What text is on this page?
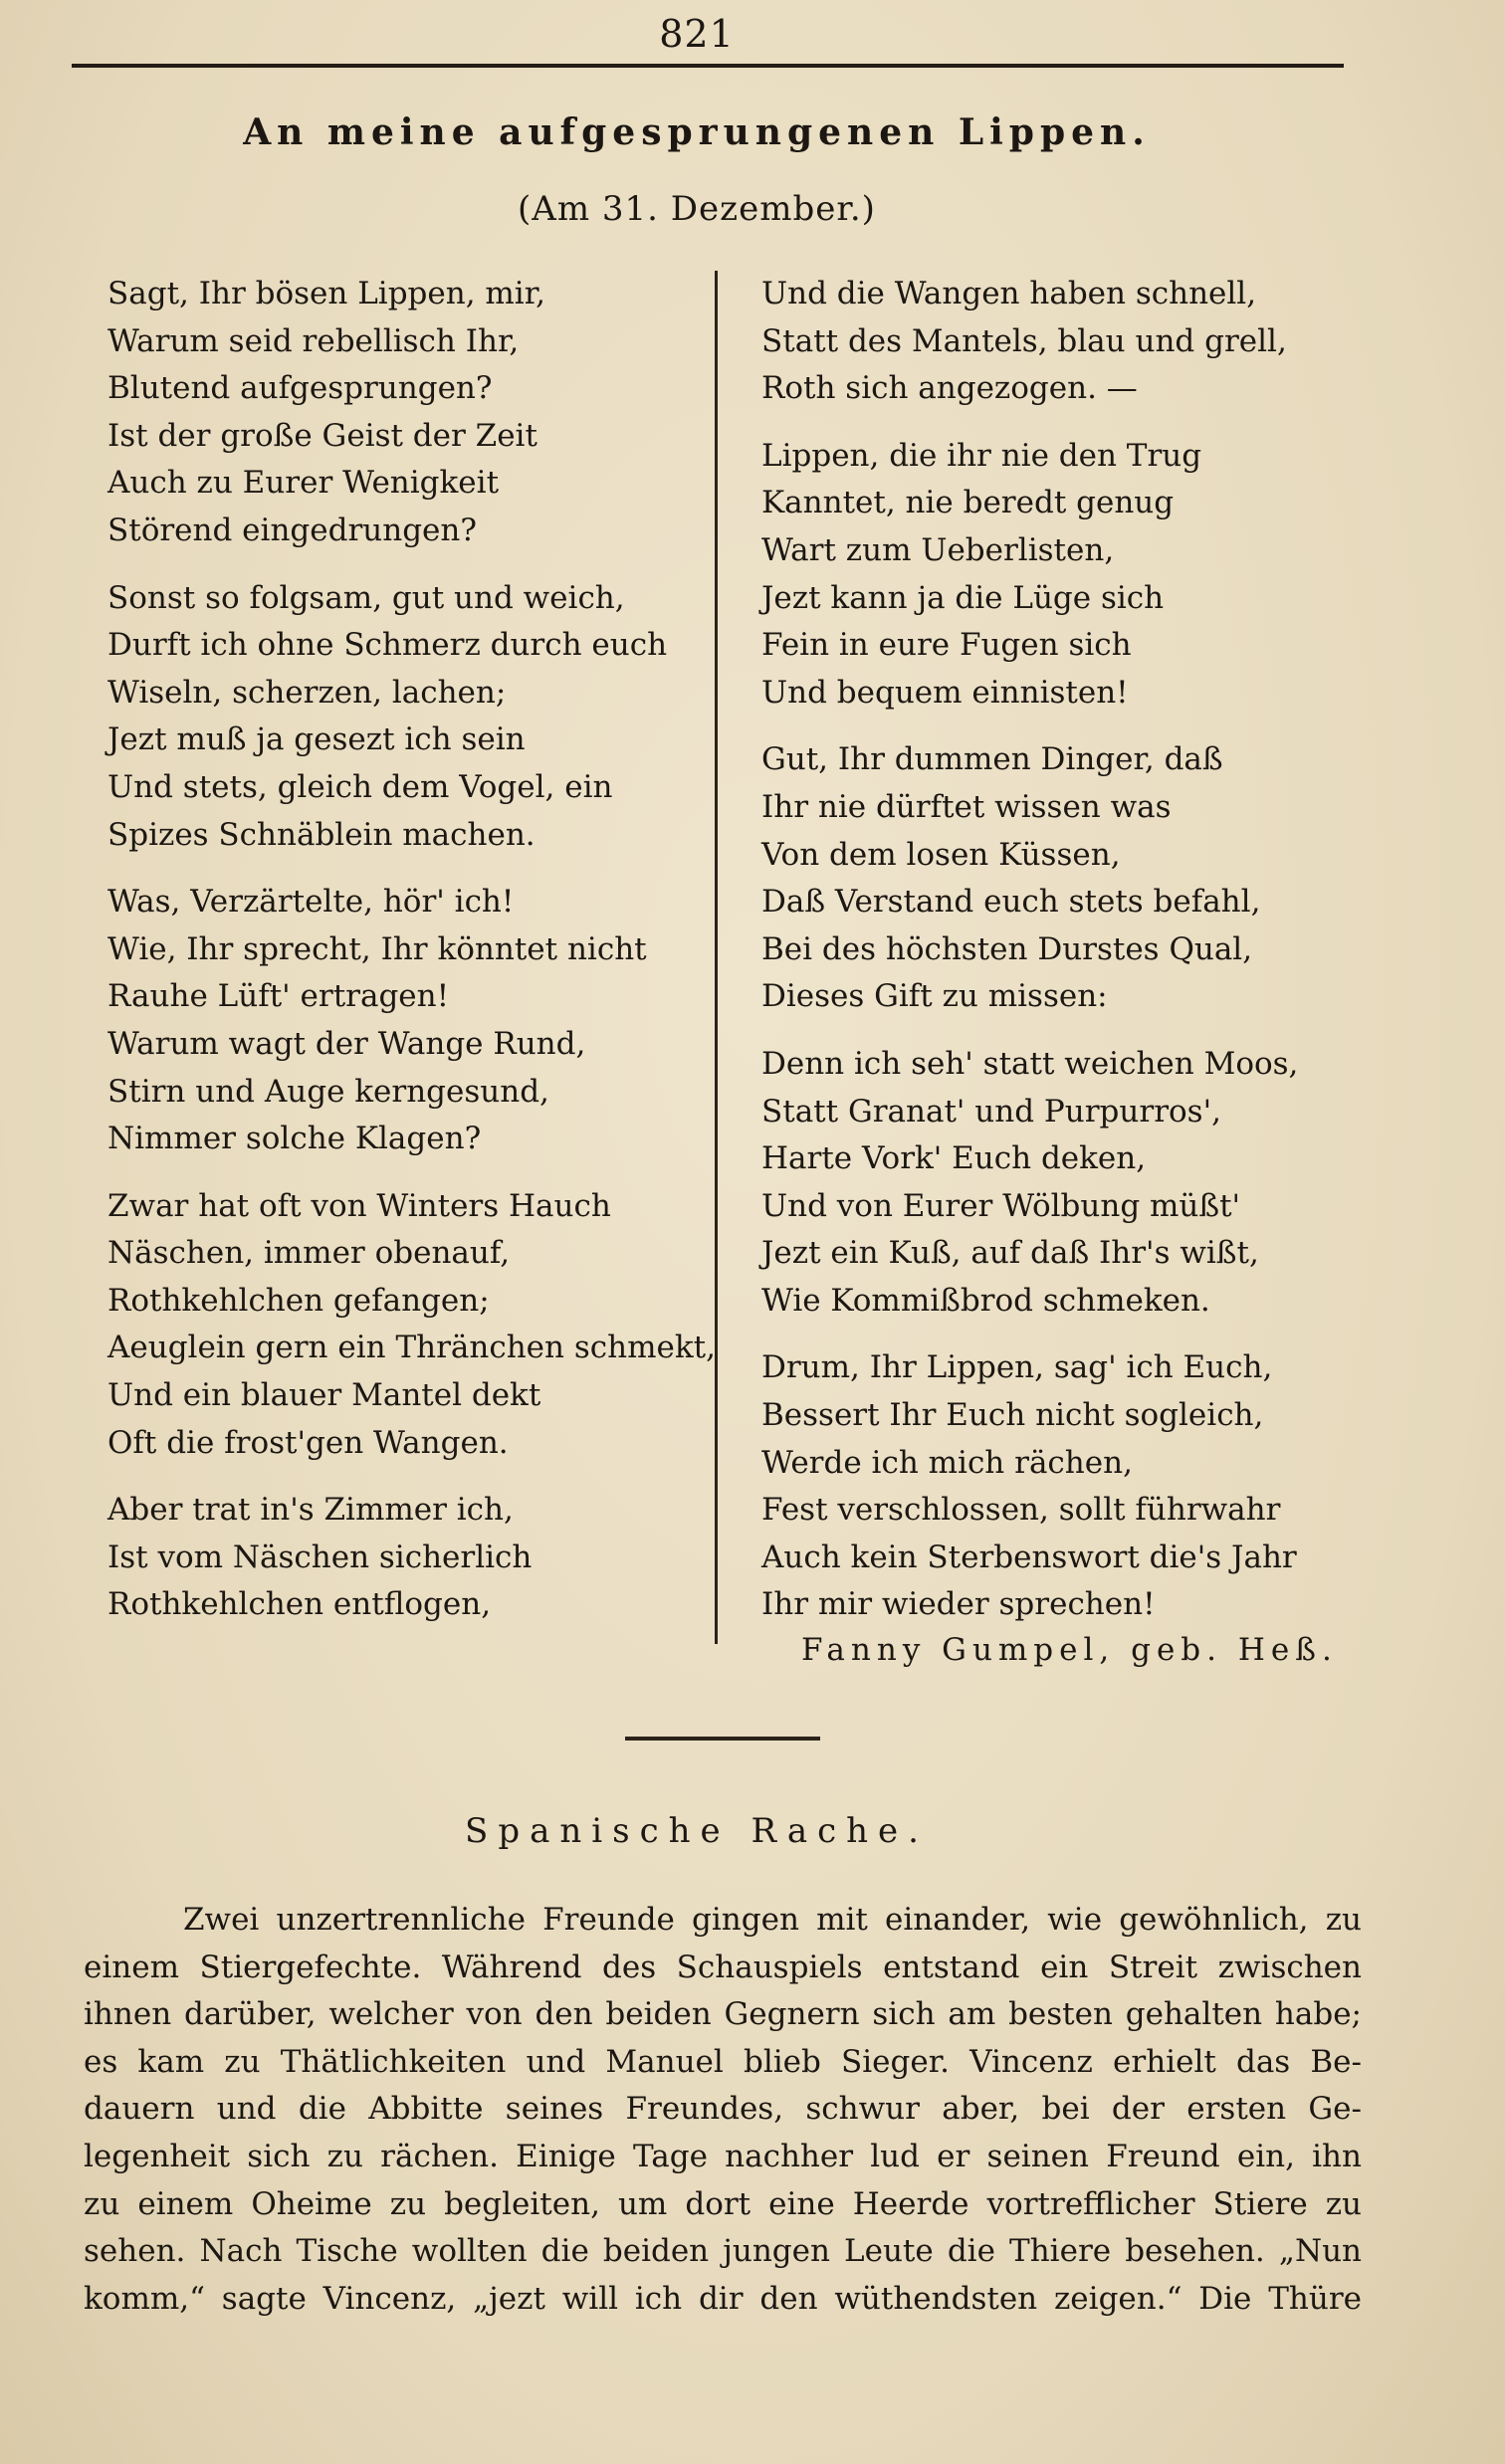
821
An meine aufgesprungenen Lippen.
(Am 31. Dezember.)
Sagt, Ihr bösen Lippen, mir,
Warum seid rebellisch Ihr,
Blutend aufgesprungen?
Ist der große Geist der Zeit
Auch zu Eurer Wenigkeit
Störend eingedrungen?
Sonst so folgsam, gut und weich,
Durft ich ohne Schmerz durch euch
Wiseln, scherzen, lachen;
Jezt muß ja gesezt ich sein
Und stets, gleich dem Vogel, ein
Spizes Schnäblein machen.
Was, Verzärtelte, hör' ich!
Wie, Ihr sprecht, Ihr könntet nicht
Rauhe Lüft' ertragen!
Warum wagt der Wange Rund,
Stirn und Auge kerngesund,
Nimmer solche Klagen?
Zwar hat oft von Winters Hauch
Näschen, immer obenauf,
Rothkehlchen gefangen;
Aeuglein gern ein Thränchen schmekt,
Und ein blauer Mantel dekt
Oft die frost'gen Wangen.
Aber trat in's Zimmer ich,
Ist vom Näschen sicherlich
Rothkehlchen entflogen,
Und die Wangen haben schnell,
Statt des Mantels, blau und grell,
Roth sich angezogen. —
Lippen, die ihr nie den Trug
Kanntet, nie beredt genug
Wart zum Ueberlisten,
Jezt kann ja die Lüge sich
Fein in eure Fugen sich
Und bequem einnisten!
Gut, Ihr dummen Dinger, daß
Ihr nie dürftet wissen was
Von dem losen Küssen,
Daß Verstand euch stets befahl,
Bei des höchsten Durstes Qual,
Dieses Gift zu missen:
Denn ich seh' statt weichen Moos,
Statt Granat' und Purpurros',
Harte Vork' Euch deken,
Und von Eurer Wölbung müßt'
Jezt ein Kuß, auf daß Ihr's wißt,
Wie Kommißbrod schmeken.
Drum, Ihr Lippen, sag' ich Euch,
Bessert Ihr Euch nicht sogleich,
Werde ich mich rächen,
Fest verschlossen, sollt führwahr
Auch kein Sterbenswort die's Jahr
Ihr mir wieder sprechen!
Fanny Gumpel, geb. Heß.
Spanische Rache.
Zwei unzertrennliche Freunde gingen mit einander, wie gewöhnlich, zu
einem Stiergefechte. Während des Schauspiels entstand ein Streit zwischen
ihnen darüber, welcher von den beiden Gegnern sich am besten gehalten habe;
es kam zu Thätlichkeiten und Manuel blieb Sieger. Vincenz erhielt das Be-
dauern und die Abbitte seines Freundes, schwur aber, bei der ersten Ge-
legenheit sich zu rächen. Einige Tage nachher lud er seinen Freund ein, ihn
zu einem Oheime zu begleiten, um dort eine Heerde vortrefflicher Stiere zu
sehen. Nach Tische wollten die beiden jungen Leute die Thiere besehen. „Nun
komm,“ sagte Vincenz, „jezt will ich dir den wüthendsten zeigen.“ Die Thüre
